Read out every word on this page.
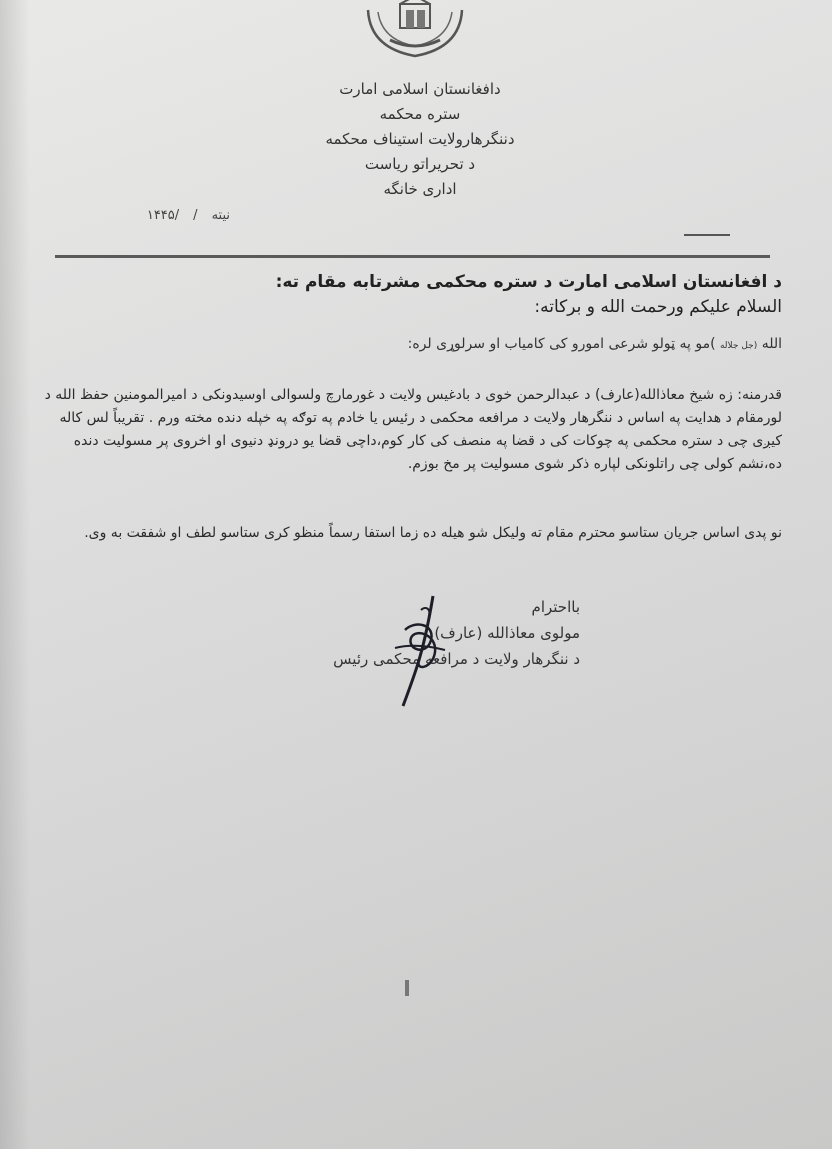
دافغانستان اسلامی امارت
ستره محکمه
دننگرهارولایت استیناف محکمه
د تحریراتو ریاست
اداری خانگه
نیته
/
/۱۴۴۵
د افغانستان اسلامی امارت د ستره محکمی مشرتابه مقام ته:
السلام علیکم ورحمت الله و برکاته:
الله (جل جلاله )مو په ټولو شرعی امورو کی کامیاب او سرلوړی لره:
قدرمنه: زه شیخ معاذالله(عارف) د عبدالرحمن خوی د بادغیس ولایت د غورمارچ ولسوالی اوسیدونکی د امیرالمومنین حفظ الله د لورمقام د هدایت په اساس د ننگرهار ولایت د مرافعه محکمی د رئیس یا خادم په توګه په خپله دنده مخته ورم . تقریباً لس کاله کیږی چی د ستره محکمی په چوکات کی د قضا په منصف کی کار کوم،داچی قضا یو درونډ دنیوی او اخروی پر مسولیت دنده ده،نشم کولی چی راتلونکی لپاره ذکر شوی مسولیت پر مخ بوزم.
نو پدی اساس جریان ستاسو محترم مقام ته ولیکل شو هیله ده زما استفا رسماً منظو کری ستاسو لطف او شفقت به وی.
بااحترام
مولوی معاذالله (عارف)
د ننگرهار ولایت د مرافعه محکمی رئیس
